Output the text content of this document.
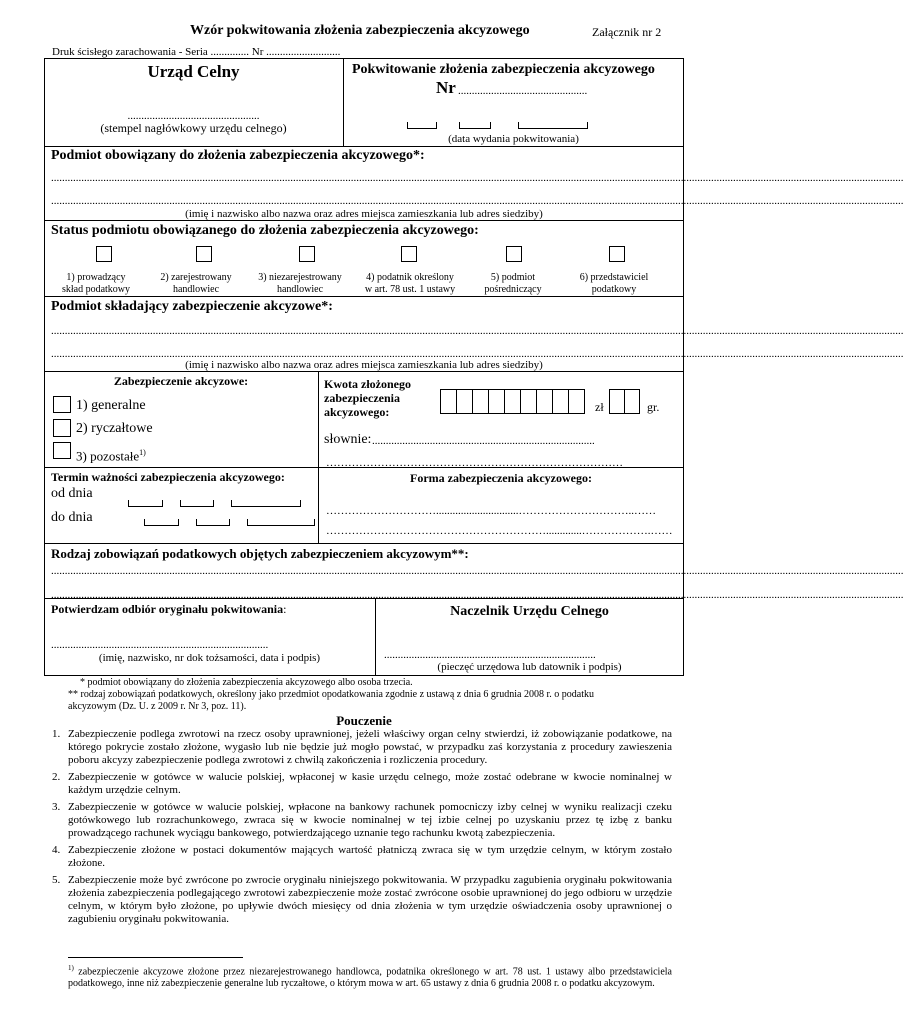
Wzór pokwitowania złożenia zabezpieczenia akcyzowego	Załącznik nr 2
Druk ścisłego zarachowania - Seria .............. Nr ...........................
Urząd Celny
................................................
(stempel nagłówkowy urzędu celnego)
Pokwitowanie złożenia zabezpieczenia akcyzowego
Nr ...............................................
(data wydania pokwitowania)
Podmiot obowiązany do złożenia zabezpieczenia akcyzowego*:
......................................................................................................................................................................................................................................................................................................................
......................................................................................................................................................................................................................................................................................................................
(imię i nazwisko albo nazwa oraz adres miejsca zamieszkania lub adres siedziby)
Status podmiotu obowiązanego do złożenia zabezpieczenia akcyzowego:
1) prowadzący
skład podatkowy
2) zarejestrowany
handlowiec
3) niezarejestrowany
handlowiec
4) podatnik określony
w art. 78 ust. 1 ustawy
5) podmiot
pośredniczący
6) przedstawiciel
podatkowy
Podmiot składający zabezpieczenie akcyzowe*:
......................................................................................................................................................................................................................................................................................................................
......................................................................................................................................................................................................................................................................................................................
(imię i nazwisko albo nazwa oraz adres miejsca zamieszkania lub adres siedziby)
Zabezpieczenie akcyzowe:
1) generalne
2) ryczałtowe
3) pozostałe$^{1)}$
Kwota złożonego
zabezpieczenia
akcyzowego:	zł	gr.
słownie: .................................................................................
………………………………………………………………………
Termin ważności zabezpieczenia akcyzowego:
od dnia
do dnia
Forma zabezpieczenia akcyzowego:
…………………………..............................…………………………..……
…………………………………………………….............……………….……
Rodzaj zobowiązań podatkowych objętych zabezpieczeniem akcyzowym**:
......................................................................................................................................................................................................................................................................................................................
......................................................................................................................................................................................................................................................................................................................
Potwierdzam odbiór oryginału pokwitowania:
...............................................................................
(imię, nazwisko, nr dok tożsamości, data i podpis)
Naczelnik Urzędu Celnego
.............................................................................
(pieczęć urzędowa lub datownik i podpis)
* podmiot obowiązany do złożenia zabezpieczenia akcyzowego albo osoba trzecia.
** rodzaj zobowiązań podatkowych, określony jako przedmiot opodatkowania zgodnie z ustawą z dnia 6 grudnia 2008 r. o podatku
akcyzowym (Dz. U. z 2009 r. Nr 3, poz. 11).
Pouczenie
1. Zabezpieczenie podlega zwrotowi na rzecz osoby uprawnionej, jeżeli właściwy organ celny stwierdzi, iż zobowiązanie podatkowe, na którego pokrycie zostało złożone, wygasło lub nie będzie już mogło powstać, w przypadku zaś korzystania z procedury zawieszenia poboru akcyzy zabezpieczenie podlega zwrotowi z chwilą zakończenia i rozliczenia procedury.
2. Zabezpieczenie w gotówce w walucie polskiej, wpłaconej w kasie urzędu celnego, może zostać odebrane w kwocie nominalnej w każdym urzędzie celnym.
3. Zabezpieczenie w gotówce w walucie polskiej, wpłacone na bankowy rachunek pomocniczy izby celnej w wyniku realizacji czeku gotówkowego lub rozrachunkowego, zwraca się w kwocie nominalnej w tej izbie celnej po uzyskaniu przez tę izbę z banku prowadzącego rachunek wyciągu bankowego, potwierdzającego uznanie tego rachunku kwotą zabezpieczenia.
4. Zabezpieczenie złożone w postaci dokumentów mających wartość płatniczą zwraca się w tym urzędzie celnym, w którym zostało złożone.
5. Zabezpieczenie może być zwrócone po zwrocie oryginału niniejszego pokwitowania. W przypadku zagubienia oryginału pokwitowania złożenia zabezpieczenia podlegającego zwrotowi zabezpieczenie może zostać zwrócone osobie uprawnionej do jego odbioru w urzędzie celnym, w którym było złożone, po upływie dwóch miesięcy od dnia złożenia w tym urzędzie oświadczenia osoby uprawnionej o zagubieniu oryginału pokwitowania.
$^{1)}$ zabezpieczenie akcyzowe złożone przez niezarejestrowanego handlowca, podatnika określonego w art. 78 ust. 1 ustawy albo przedstawiciela podatkowego, inne niż zabezpieczenie generalne lub ryczałtowe, o którym mowa w art. 65 ustawy z dnia 6 grudnia 2008 r. o podatku akcyzowym.
